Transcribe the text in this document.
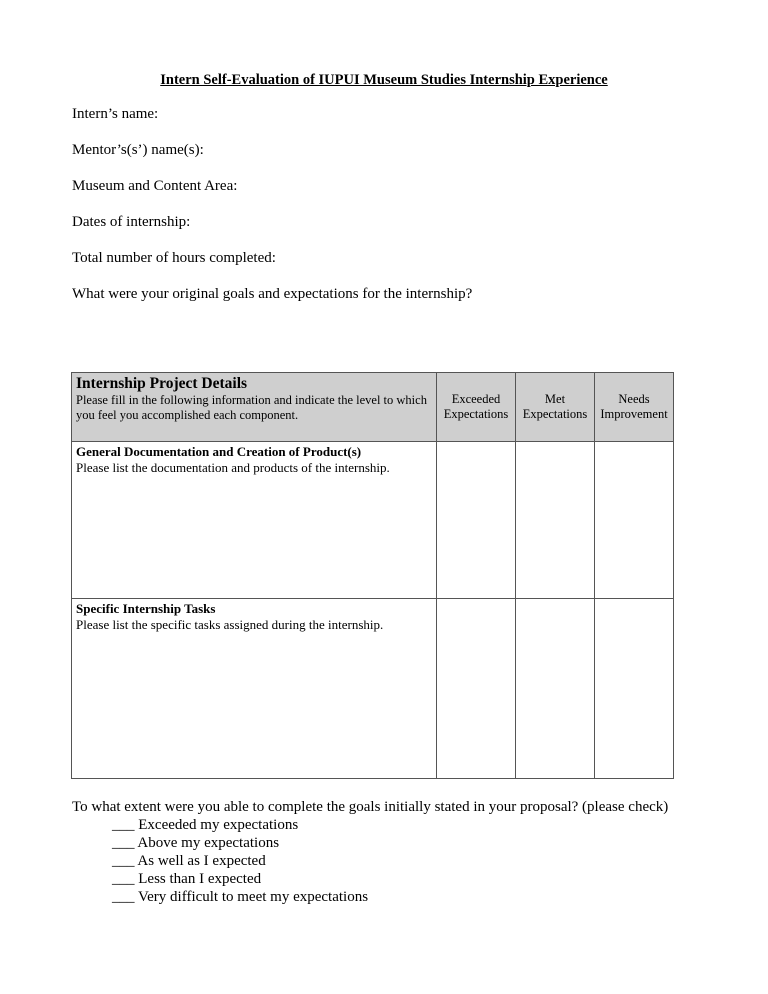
Intern Self-Evaluation of IUPUI Museum Studies Internship Experience
Intern’s name:
Mentor’s(s’) name(s):
Museum and Content Area:
Dates of internship:
Total number of hours completed:
What were your original goals and expectations for the internship?
Internship Project Details
Please fill in the following information and indicate the level to which you feel you accomplished each component.	Exceeded Expectations	Met Expectations	Needs Improvement

General Documentation and Creation of Product(s)
Please list the documentation and products of the internship.			

Specific Internship Tasks
Please list the specific tasks assigned during the internship.			

To what extent were you able to complete the goals initially stated in your proposal? (please check)
___ Exceeded my expectations
___ Above my expectations
___ As well as I expected
___ Less than I expected
___ Very difficult to meet my expectations
